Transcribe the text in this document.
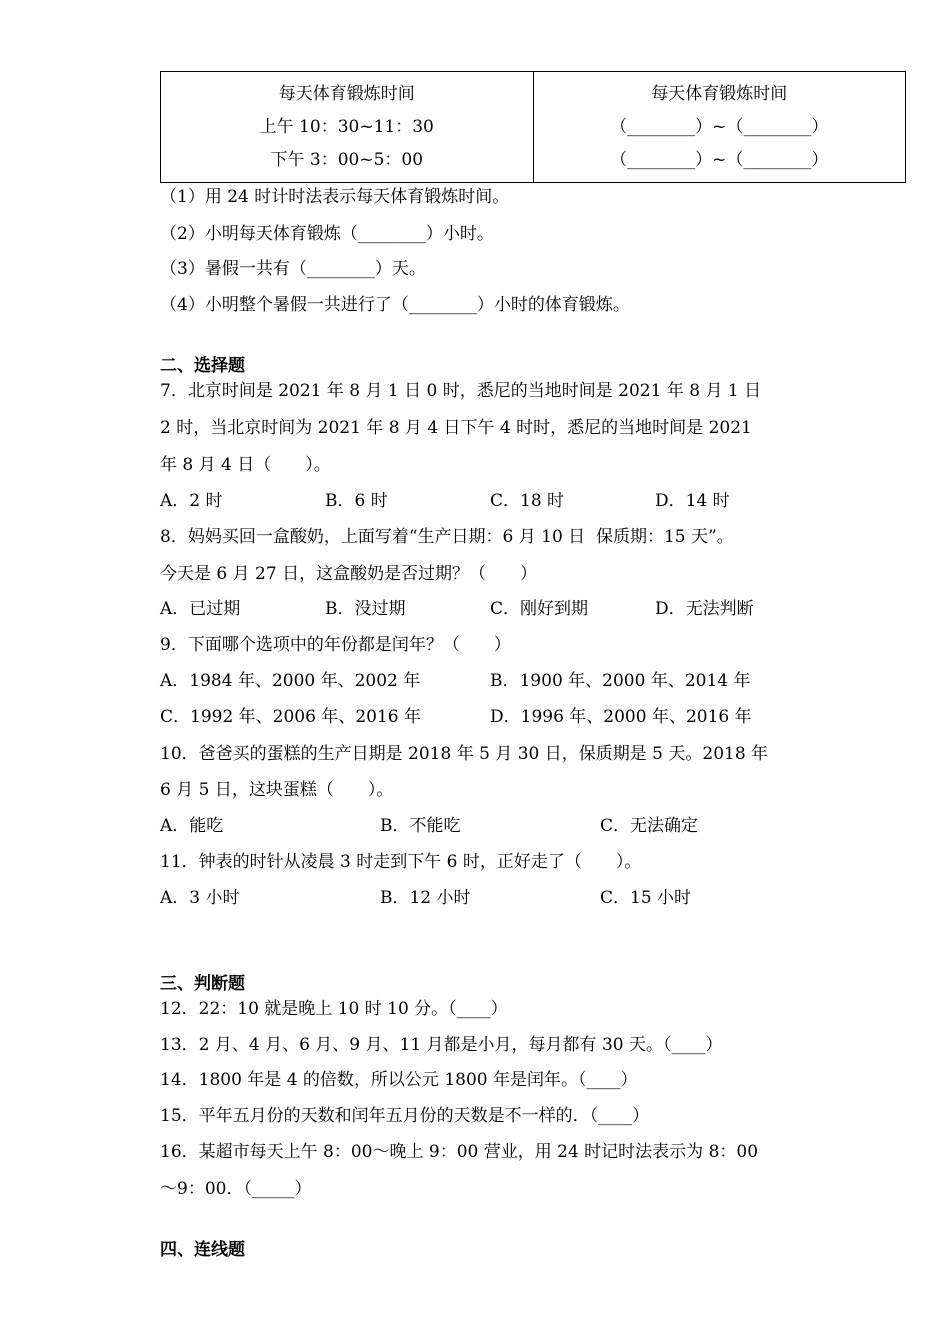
每天体育锻炼时间
上午 10：30~11：30
下午 3：00~5：00

每天体育锻炼时间
（________）~（________）
（________）~（________）
（1）用 24 时计时法表示每天体育锻炼时间。
（2）小明每天体育锻炼（________）小时。
（3）暑假一共有（________）天。
（4）小明整个暑假一共进行了（________）小时的体育锻炼。
二、选择题
7．北京时间是 2021 年 8 月 1 日 0 时，悉尼的当地时间是 2021 年 8 月 1 日
2 时，当北京时间为 2021 年 8 月 4 日下午 4 时时，悉尼的当地时间是 2021
年 8 月 4 日（　　）。
A．2 时	B．6 时	C．18 时	D．14 时
8．妈妈买回一盒酸奶，上面写着“生产日期：6 月 10 日  保质期：15 天”。
今天是 6 月 27 日，这盒酸奶是否过期？（　　）
A．已过期	B．没过期	C．刚好到期	D．无法判断
9．下面哪个选项中的年份都是闰年？（　　）
A．1984 年、2000 年、2002 年	B．1900 年、2000 年、2014 年
C．1992 年、2006 年、2016 年	D．1996 年、2000 年、2016 年
10．爸爸买的蛋糕的生产日期是 2018 年 5 月 30 日，保质期是 5 天。2018 年
6 月 5 日，这块蛋糕（　　）。
A．能吃	B．不能吃	C．无法确定
11．钟表的时针从凌晨 3 时走到下午 6 时，正好走了（　　）。
A．3 小时	B．12 小时	C．15 小时
三、判断题
12．22：10 就是晚上 10 时 10 分。（____）
13．2 月、4 月、6 月、9 月、11 月都是小月，每月都有 30 天。（____）
14．1800 年是 4 的倍数，所以公元 1800 年是闰年。（____）
15．平年五月份的天数和闰年五月份的天数是不一样的．（____）
16．某超市每天上午 8：00～晚上 9：00 营业，用 24 时记时法表示为 8：00
～9：00．（_____）
四、连线题
